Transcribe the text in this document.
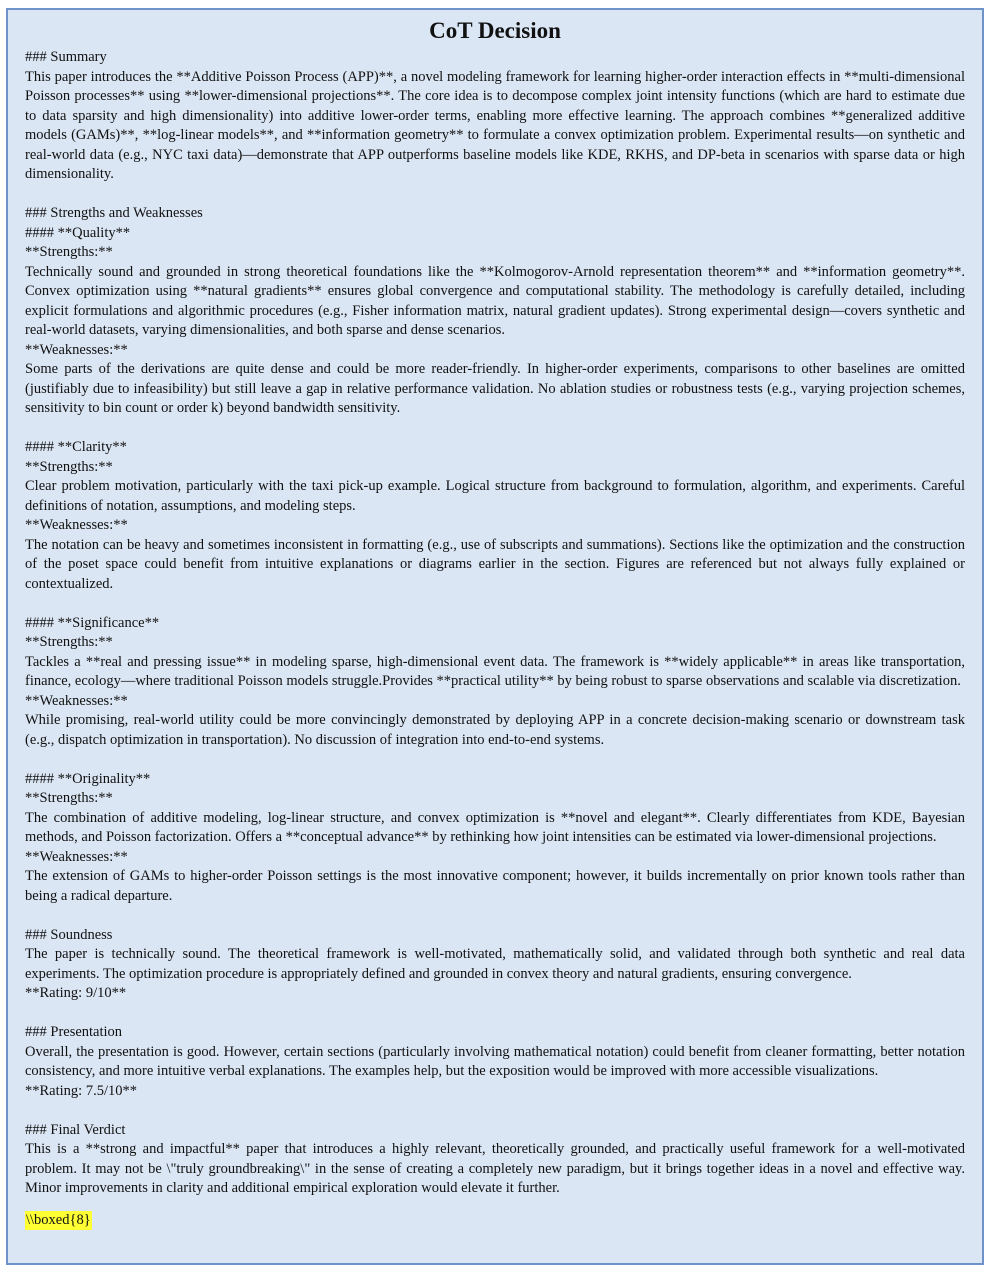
CoT Decision

### Summary

This paper introduces the **Additive Poisson Process (APP)**, a novel modeling framework for learning higher-order interaction effects in **multi-dimensional Poisson processes** using **lower-dimensional projections**. The core idea is to decompose complex joint intensity functions (which are hard to estimate due to data sparsity and high dimensionality) into additive lower-order terms, enabling more effective learning. The approach combines **generalized additive models (GAMs)**, **log-linear models**, and **information geometry** to formulate a convex optimization problem. Experimental results—on synthetic and real-world data (e.g., NYC taxi data)—demonstrate that APP outperforms baseline models like KDE, RKHS, and DP-beta in scenarios with sparse data or high dimensionality.

### Strengths and Weaknesses

#### **Quality**

**Strengths:**

Technically sound and grounded in strong theoretical foundations like the **Kolmogorov-Arnold representation theorem** and **information geometry**. Convex optimization using **natural gradients** ensures global convergence and computational stability. The methodology is carefully detailed, including explicit formulations and algorithmic procedures (e.g., Fisher information matrix, natural gradient updates). Strong experimental design—covers synthetic and real-world datasets, varying dimensionalities, and both sparse and dense scenarios.

**Weaknesses:**

Some parts of the derivations are quite dense and could be more reader-friendly. In higher-order experiments, comparisons to other baselines are omitted (justifiably due to infeasibility) but still leave a gap in relative performance validation. No ablation studies or robustness tests (e.g., varying projection schemes, sensitivity to bin count or order k) beyond bandwidth sensitivity.

#### **Clarity**

**Strengths:**

Clear problem motivation, particularly with the taxi pick-up example. Logical structure from background to formulation, algorithm, and experiments. Careful definitions of notation, assumptions, and modeling steps.

**Weaknesses:**

The notation can be heavy and sometimes inconsistent in formatting (e.g., use of subscripts and summations). Sections like the optimization and the construction of the poset space could benefit from intuitive explanations or diagrams earlier in the section. Figures are referenced but not always fully explained or contextualized.

#### **Significance**

**Strengths:**

Tackles a **real and pressing issue** in modeling sparse, high-dimensional event data. The framework is **widely applicable** in areas like transportation, finance, ecology—where traditional Poisson models struggle.Provides **practical utility** by being robust to sparse observations and scalable via discretization.

**Weaknesses:**

While promising, real-world utility could be more convincingly demonstrated by deploying APP in a concrete decision-making scenario or downstream task (e.g., dispatch optimization in transportation). No discussion of integration into end-to-end systems.

#### **Originality**

**Strengths:**

The combination of additive modeling, log-linear structure, and convex optimization is **novel and elegant**. Clearly differentiates from KDE, Bayesian methods, and Poisson factorization. Offers a **conceptual advance** by rethinking how joint intensities can be estimated via lower-dimensional projections.

**Weaknesses:**

The extension of GAMs to higher-order Poisson settings is the most innovative component; however, it builds incrementally on prior known tools rather than being a radical departure.

### Soundness

The paper is technically sound. The theoretical framework is well-motivated, mathematically solid, and validated through both synthetic and real data experiments. The optimization procedure is appropriately defined and grounded in convex theory and natural gradients, ensuring convergence.

**Rating: 9/10**

### Presentation

Overall, the presentation is good. However, certain sections (particularly involving mathematical notation) could benefit from cleaner formatting, better notation consistency, and more intuitive verbal explanations. The examples help, but the exposition would be improved with more accessible visualizations.

**Rating: 7.5/10**

### Final Verdict

This is a **strong and impactful** paper that introduces a highly relevant, theoretically grounded, and practically useful framework for a well-motivated problem. It may not be \"truly groundbreaking\" in the sense of creating a completely new paradigm, but it brings together ideas in a novel and effective way. Minor improvements in clarity and additional empirical exploration would elevate it further.

\\boxed{8}
